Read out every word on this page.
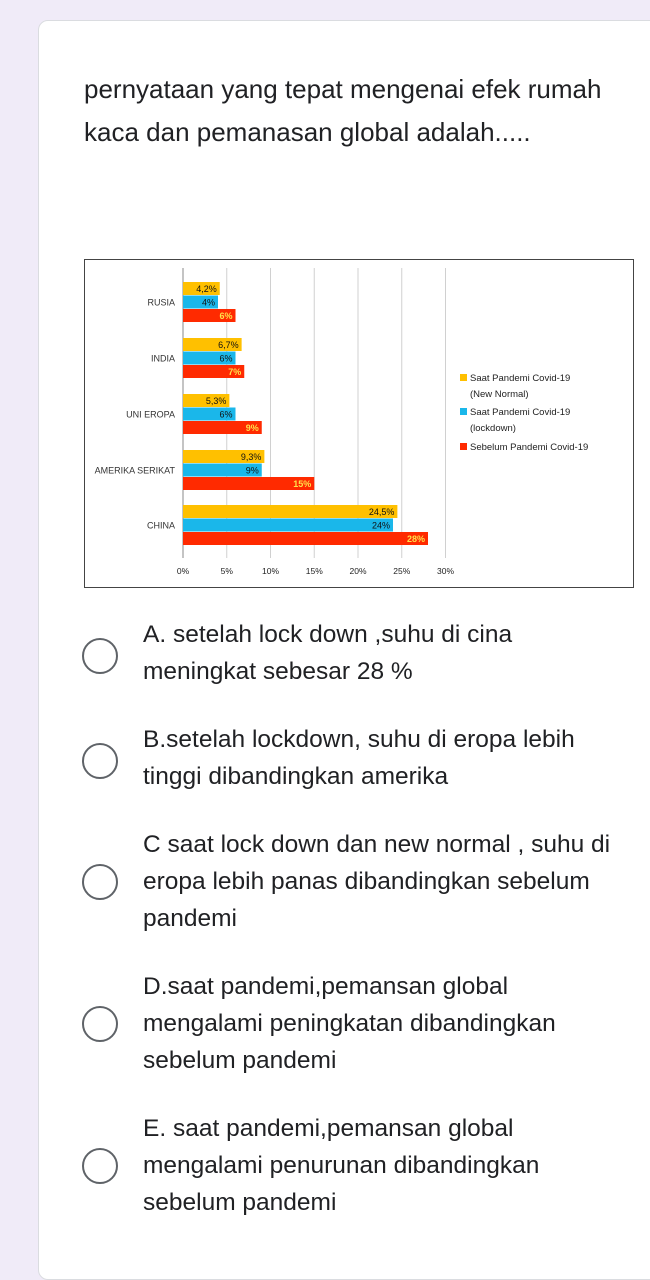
pernyataan yang tepat mengenai efek rumah kaca dan pemanasan global adalah.....
0%	5%	10%	15%	20%	25%	30%
RUSIA
4,2%
4%
6%
INDIA
6,7%
6%
7%
UNI EROPA
5,3%
6%
9%
AMERIKA SERIKAT
9,3%
9%
15%
CHINA
24,5%
24%
28%
Saat Pandemi Covid-19
(New Normal)
Saat Pandemi Covid-19
(lockdown)
Sebelum Pandemi Covid-19
A. setelah lock down ,suhu di cina meningkat sebesar 28 %
B.setelah lockdown, suhu di eropa lebih tinggi dibandingkan amerika
C saat lock down dan new normal , suhu di eropa lebih panas dibandingkan sebelum pandemi
D.saat pandemi,pemansan global mengalami peningkatan dibandingkan sebelum pandemi
E. saat pandemi,pemansan global mengalami penurunan dibandingkan sebelum pandemi
